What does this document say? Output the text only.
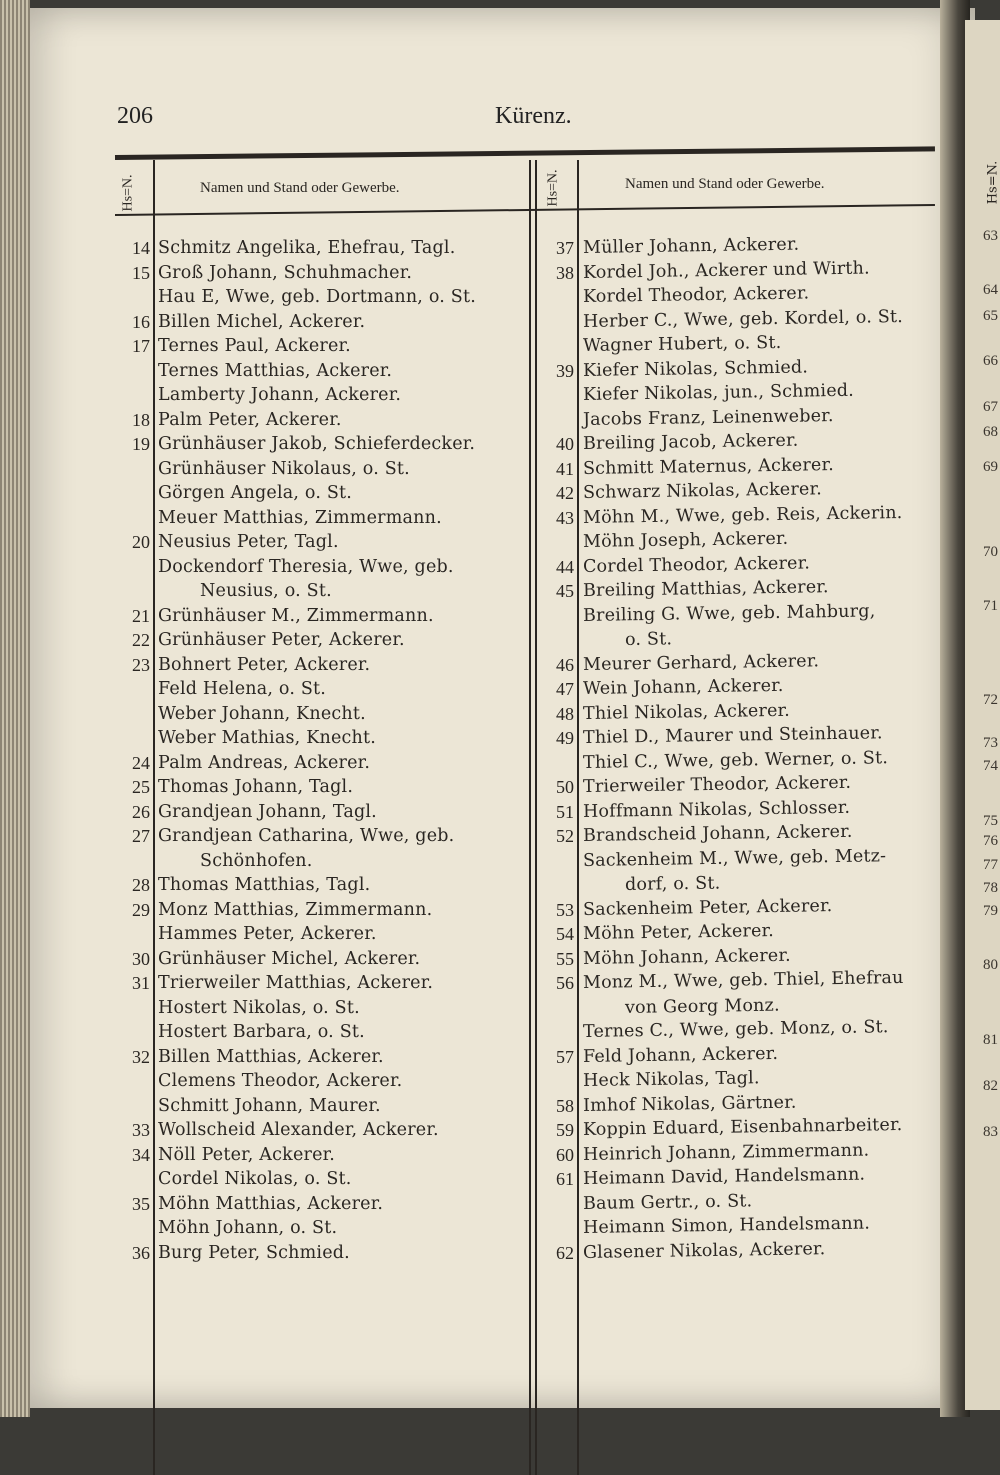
Hs=N.
63
64
65
66
67
68
69
70
71
72
73
74
75
76
77
78
79
80
81
82
83
206	Kürenz.
Hs=N.	Namen und Stand oder Gewerbe.	Hs=N.	Namen und Stand oder Gewerbe.
14 Schmitz Angelika, Ehefrau, Tagl.
15 Groß Johann, Schuhmacher.
Hau E, Wwe, geb. Dortmann, o. St.
16 Billen Michel, Ackerer.
17 Ternes Paul, Ackerer.
Ternes Matthias, Ackerer.
Lamberty Johann, Ackerer.
18 Palm Peter, Ackerer.
19 Grünhäuser Jakob, Schieferdecker.
Grünhäuser Nikolaus, o. St.
Görgen Angela, o. St.
Meuer Matthias, Zimmermann.
20 Neusius Peter, Tagl.
Dockendorf Theresia, Wwe, geb.
Neusius, o. St.
21 Grünhäuser M., Zimmermann.
22 Grünhäuser Peter, Ackerer.
23 Bohnert Peter, Ackerer.
Feld Helena, o. St.
Weber Johann, Knecht.
Weber Mathias, Knecht.
24 Palm Andreas, Ackerer.
25 Thomas Johann, Tagl.
26 Grandjean Johann, Tagl.
27 Grandjean Catharina, Wwe, geb.
Schönhofen.
28 Thomas Matthias, Tagl.
29 Monz Matthias, Zimmermann.
Hammes Peter, Ackerer.
30 Grünhäuser Michel, Ackerer.
31 Trierweiler Matthias, Ackerer.
Hostert Nikolas, o. St.
Hostert Barbara, o. St.
32 Billen Matthias, Ackerer.
Clemens Theodor, Ackerer.
Schmitt Johann, Maurer.
33 Wollscheid Alexander, Ackerer.
34 Nöll Peter, Ackerer.
Cordel Nikolas, o. St.
35 Möhn Matthias, Ackerer.
Möhn Johann, o. St.
36 Burg Peter, Schmied.
37 Müller Johann, Ackerer.
38 Kordel Joh., Ackerer und Wirth.
Kordel Theodor, Ackerer.
Herber C., Wwe, geb. Kordel, o. St.
Wagner Hubert, o. St.
39 Kiefer Nikolas, Schmied.
Kiefer Nikolas, jun., Schmied.
Jacobs Franz, Leinenweber.
40 Breiling Jacob, Ackerer.
41 Schmitt Maternus, Ackerer.
42 Schwarz Nikolas, Ackerer.
43 Möhn M., Wwe, geb. Reis, Ackerin.
Möhn Joseph, Ackerer.
44 Cordel Theodor, Ackerer.
45 Breiling Matthias, Ackerer.
Breiling G. Wwe, geb. Mahburg,
o. St.
46 Meurer Gerhard, Ackerer.
47 Wein Johann, Ackerer.
48 Thiel Nikolas, Ackerer.
49 Thiel D., Maurer und Steinhauer.
Thiel C., Wwe, geb. Werner, o. St.
50 Trierweiler Theodor, Ackerer.
51 Hoffmann Nikolas, Schlosser.
52 Brandscheid Johann, Ackerer.
Sackenheim M., Wwe, geb. Metz-
dorf, o. St.
53 Sackenheim Peter, Ackerer.
54 Möhn Peter, Ackerer.
55 Möhn Johann, Ackerer.
56 Monz M., Wwe, geb. Thiel, Ehefrau
von Georg Monz.
Ternes C., Wwe, geb. Monz, o. St.
57 Feld Johann, Ackerer.
Heck Nikolas, Tagl.
58 Imhof Nikolas, Gärtner.
59 Koppin Eduard, Eisenbahnarbeiter.
60 Heinrich Johann, Zimmermann.
61 Heimann David, Handelsmann.
Baum Gertr., o. St.
Heimann Simon, Handelsmann.
62 Glasener Nikolas, Ackerer.
